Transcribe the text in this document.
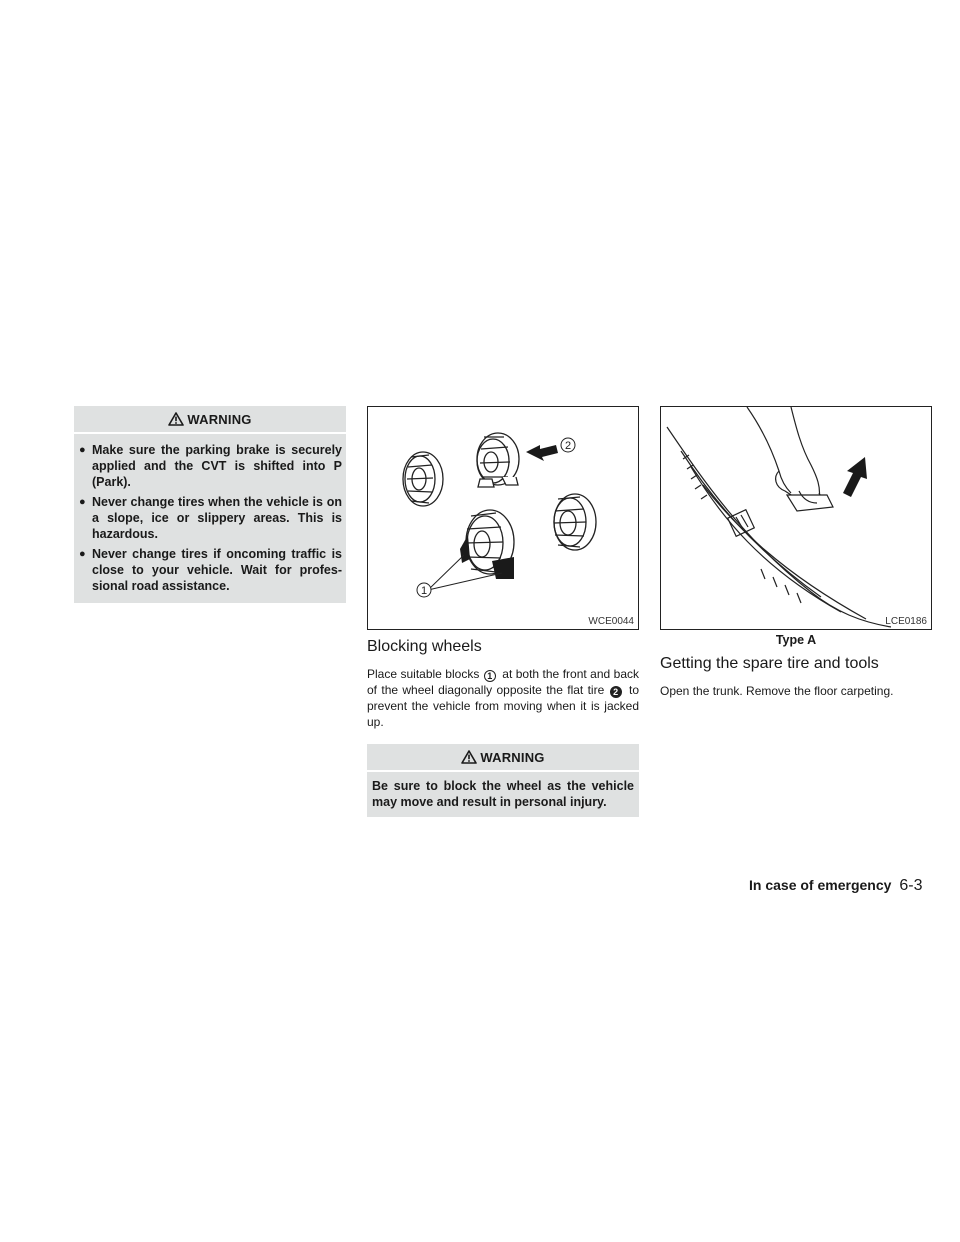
WARNING
● Make sure the parking brake is securely applied and the CVT is shifted into P (Park).
● Never change tires when the vehicle is on a slope, ice or slippery areas. This is hazardous.
● Never change tires if oncoming traffic is close to your vehicle. Wait for profes- sional road assistance.
2
1
WCE0044
Blocking wheels

Place suitable blocks 1 at both the front and back of the wheel diagonally opposite the flat tire 2 to prevent the vehicle from moving when it is jacked up.

WARNING
Be sure to block the wheel as the vehicle may move and result in personal injury.
LCE0186
Type A
Getting the spare tire and tools

Open the trunk. Remove the floor carpeting.

In case of emergency 6-3
